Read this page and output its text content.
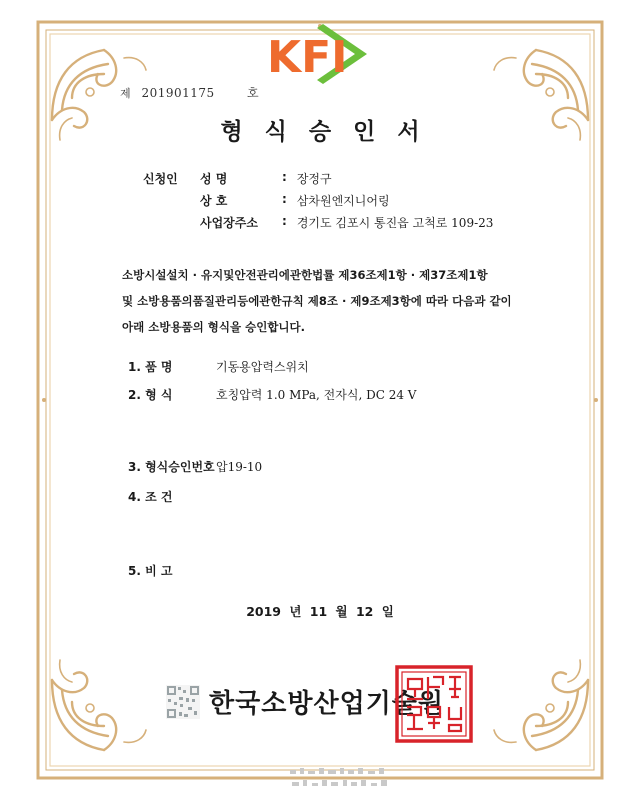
KFI
제 201901175	호
형식승인서
신청인 성 명	: 장정구
상 호	: 삼차원엔지니어링
사업장주소	: 경기도 김포시 통진읍 고척로 109-23
소방시설설치 · 유지및안전관리에관한법률 제36조제1항 · 제37조제1항
및 소방용품의품질관리등에관한규칙 제8조 · 제9조제3항에 따라 다음과 같이
아래 소방용품의 형식을 승인합니다.
1. 품 명	기동용압력스위치
2. 형 식	호칭압력 1.0 MPa, 전자식, DC 24 V
3. 형식승인번호 압19-10
4. 조 건
5. 비 고
2019 년 11 월 12 일
한국소방산업기술원
